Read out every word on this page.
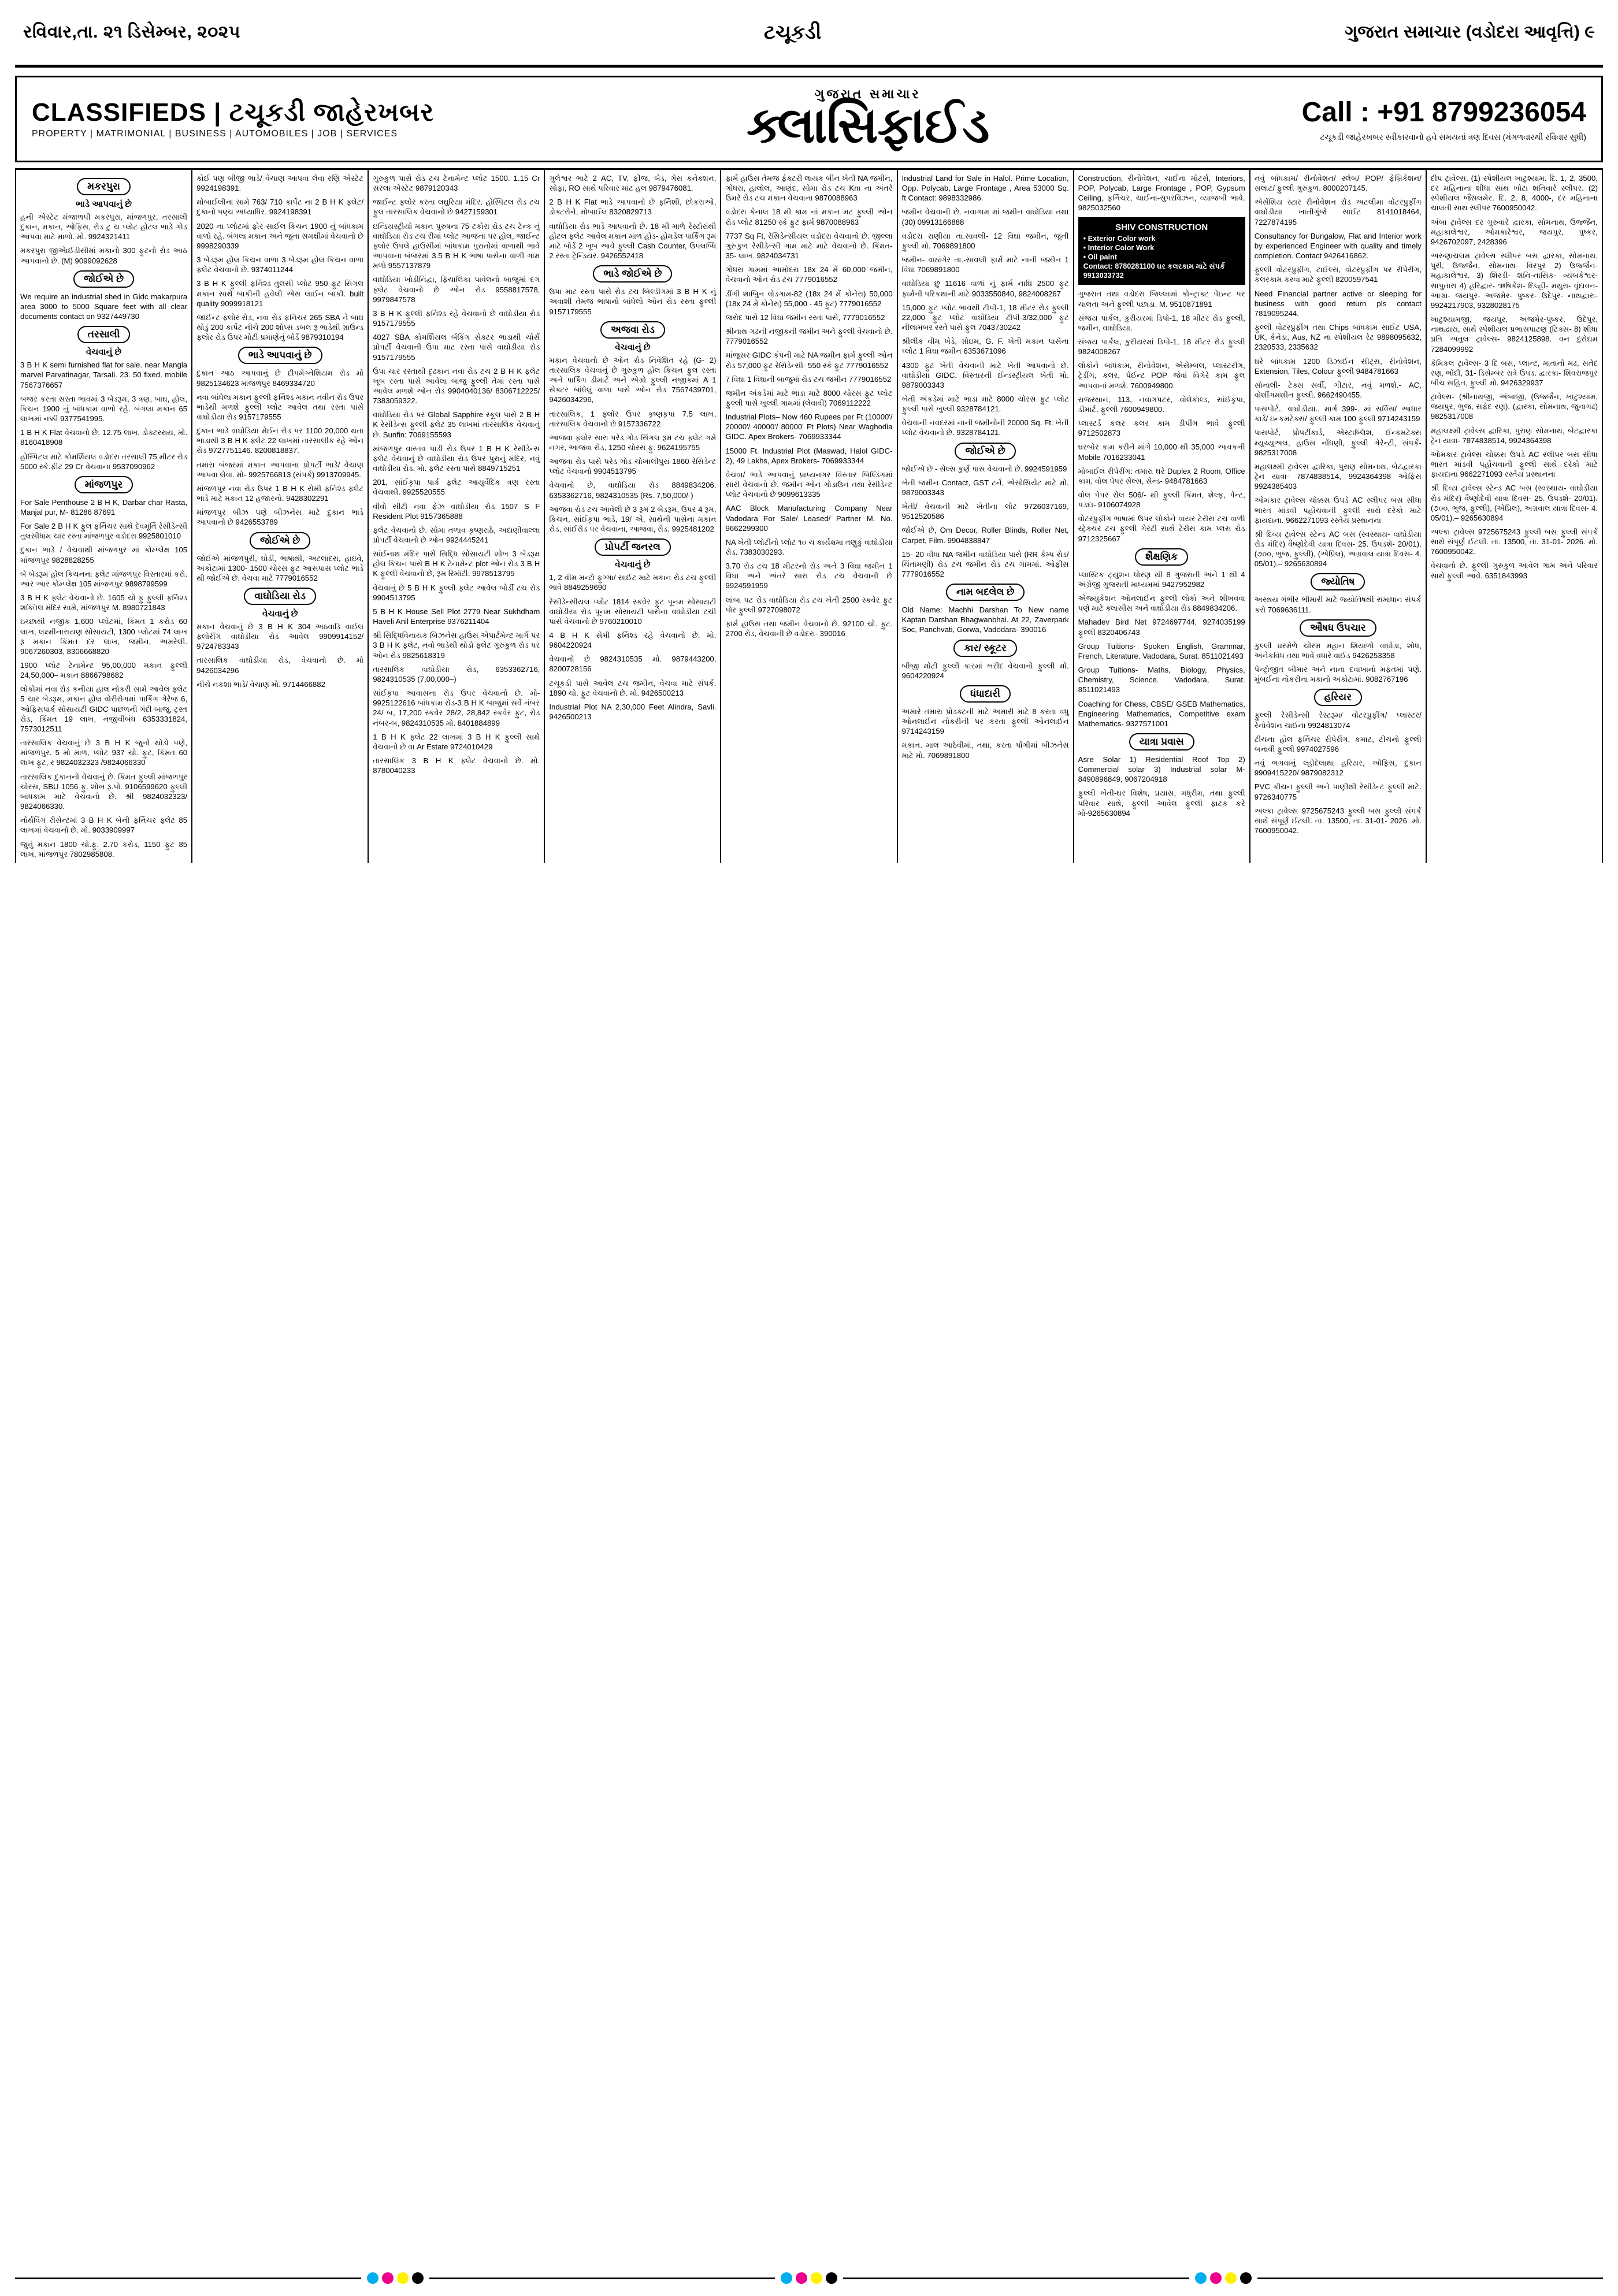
રવિવાર,તા. ૨૧ ડિસેમ્બર, ૨૦૨૫	ટચૂકડી	ગુજરાત સમાચાર (વડોદરા આવૃત્તિ) ૯
CLASSIFIEDS | ટચૂકડી જાહેરખબર
PROPERTY | MATRIMONIAL | BUSINESS | AUTOMOBILES | JOB | SERVICES
ગુજરાત સમાચાર
ક્લાસિફાઈડ	Call : +91 8799236054
ટચૂકડી જાહેરખબર સ્વીકારવાનો હવે સમયનાં ત્રણ દિવસ (મંગળવારથી રવિવાર સુધી)
મકરપુરા
ભાડે આપવાનું છે
હની એસ્ટેટ મંજાળપી મકરપુરા, માંજળપુર, તરસાલી દુકાન, મકાન, ઓફિસ, રોડ ટુ ચ પ્લોટ હોટલ ભાડે ગોડ આપવા માટે માળો. મો. 9924321411
મકરપુરા જીએાઈડીસીમાં મકાનો 300 ફુટનો રોડ આઠ આપવાનો છે. (M) 9099092628
જોઈએ છે
We require an industrial shed in Gidc makarpura area 3000 to 5000 Square feet with all clear documents contact on 9327449730
તરસાલી
વેચવાનું છે
3 B H K semi furnished flat for sale. near Mangla marvel Parvatinagar, Tarsali. 23. 50 fixed. mobile 7567376657
બજર કરતા સસ્તા ભાવમાં 3 બેડરૂમ, 3 ત્રણ, બાઘ, હોલ, કિચન 1900 નું બાંધકામ વાળો રહે. બંગલા મકાન 65 લાખમાં નક્કી 9377541995.
1 B H K Flat વેચવાનો છે. 12.75 લાખ, ડોક્ટરરાય, મો. 8160418908
હોસ્પિટલ માટે કોમર્શિયલ વડોદરા તરસાલી 75 મીટર રોડ 5000 સ્કે.ફીટ 29 Cr વેચવાના 9537090962
માંજળપુર
For Sale Penthouse 2 B H K, Darbar char Rasta, Manjal pur, M- 81286 87691
For Sale 2 B H K ફુલ ફર્નિચર સાથે દેવમૂર્તિ રેસીડેન્સી તુલસીધામ ચાર રસ્તા માંજળપુર વડોદરા 9925801010
દુકાન ભાડે / વેચવાથી માંજળપુર માં કોમ્પ્લેક્ષ 105 માંજળપુર 9828828255
બે બેડરૂમ હોલ કિચનના ફ્લેટ માંજળપુર વિસ્તારમાં કરો. આર આર કોમ્પ્લેક્ષ 105 માંજળપુર 9898799599
3 B H K ફ્લેટ વેચવાનો છે. 1605 ચો ફુ ફુલ્લી ફર્નિશ્ડ શક્તિલ મંદિર સામે, માંજળપુર M. 8980721843
ઇચ્છાથી નજીક 1,600 પ્લોટમાં, કિંમત 1 કરોડ 60 લાખ, લક્ષ્મીનારાયણ સોસાયટી, 1300 પ્લોટમાં 74 લાખ રૂ મકાન કિંમત દર લાખ, જમીન, અમરેલી. 9067260303, 8306668820
1900 પ્લોટ ટેનામેન્ટ 95,00,000 મકાન ફુલ્લી 24,50,000– મકાન 8866798682
લોકોમાં નવા રોડ કનીયા હાલ નોકરી સામે આવેલ ફ્લેટ 5 ચાર બેડરૂમ, મકાન હોલ વોરીરોગમાં પાર્કિંગ ગેરેજ 6, ઓફિસપાર્ક સોસાયટી GIDC પાછળની ગંદી બાજુ, ટ્રસ્ત રોડ, કિંમત 19 લાખ, નજીવીબંધ 6353331824, 7573012511
તારસાલિક વેચવાનું છે 3 B H K જુનો થોડો પણે, માંજળપુર. 5 મો માળ, પ્લોટ 937 ચો. ફુટ, કિંમત 60 લાખ ફુટ, ર 9824032323 /9824066330
તારસાલિક દુકાનનો વેચવાનું છે. કિંમત ફુલ્લી માંજળપુર ચોરસ, SBU 1056 ફુ. શોખ રૂ.પો. 9106599620 ફુલ્લી બાંધકામ માટે વેચવાનો છે. શ્રી 9824032323/ 9824066330.
નોર્થવિંગ રીસેન્ટમાં 3 B H K બેની ફર્નિચર ફ્લેટ 85 લાખમાં વેચવાનો છે. મો. 9033909997
જુનું મકાન 1800 ચો.ફુ. 2.70 કરોડ, 1150 ફુટ 85 લાખ, માંજળપુર 7802985808.
કોઈ પણ બીજી ભાડે/ વેચાણ આપવા લેવા રણિ એસ્ટેટ 9924198391.
મોબાઈલીના સામે 763/ 710 કાર્પેટ ના 2 B H K ફ્લેટ/ દુકાનો પણ્ચ અધ્યાધિર. 9924198391
2020 ના પ્લોટમાં ફોર સાઈલ કિચન 1900 નું બાંધકામ વાળો રહે. બંગલા મકાન અને જુના સમક્ષીમાં વેચવાનો છે 9998290339
3 બેડરૂમ હોલ કિચન વાળા 3 બેડરૂમ હોલ કિચન વાળા ફ્લેટ વેચવાનો છે. 9374011244
3 B H K ફુલ્લી ફર્નિશ્ડ તુલસી પ્લોટ 950 ફુટ સિંગલ મકાન સાથે બાકીની હવેલી એસ લાઈન બાકી. built quality 9099918121
જાઈન્ટ ફ્લોર રોડ, નવા રોડ ફર્નિચર 265 SBA ને બાઘ થોડું 200 કાર્પેટ નીચે 200 શોપ્સ ડબલ રૂ ભાડેથી ગ્રાઉન્ડ ફ્લોર રોડ ઉપર મોટી પ્રમાણેનું બોર્ડ 9879310194
ભાડે આપવાનું છે
દુકાન આઠ આપવાનું છે દીપમેગ્નેશિયમ રોડ મો 9825134623 માંજળપુર 8469334720
નવા બાંધેલા મકાન ફુલ્લી ફર્નિશ્ડ મકાન નવીન રોડ ઉપર ભાડેથી મળશે ફુલ્લી પ્લોટ આવેલ તથા રસ્તા પાસે વાઘોડીયા રોડ 9157179555
દુકાન ભાડે વાઘોડિયા મેઈન રોડ પર 1100 20,000 થતા ભાડાથી 3 B H K ફ્લેટ 22 લાખમાં તારસાલીક રહે ઓન રોડ 9727751146. 8200818837.
તમારા બંજરમાં મકાન આપવાના પ્રોપર્ટી ભાડે/ વેચાણ આપવા લેવા. મો- 9925766813 (સંપર્ક) 9913709945.
માંજળપુર નવા રોડ ઉપર 1 B H K સેમી ફર્નિશ્ડ ફ્લેટ ભાડે માટે મકાન 12 હજારનો. 9428302291
માંજળપુર બીઝ પણે બીઝનેસ માટે દુકાન ભાડે આપવાનો છે 9426553789
જોઈએ છે
જોઈએ માંજળપુરી, ઘોડી, ભાષાથી, અટલાદરા, હાઇવે, અકોટામાં 1300- 1500 ચોરસ ફુટ આસપાસ પ્લોટ ભાડે થી જોઈએ છે. વેચવા માટે 7779016552
વાઘોડિયા રોડ
વેચવાનું છે
મકાન વેચવાનું છે 3 B H K 304 અઠવાડિ વાઈલ ફ્લોરીંગ વાઘોડીયા રોડ આવેલ 9909914152/ 9724783343
તારસાલિક વાઘોડીયા રોડ, વેચવાનો છે. મો 9426034296
નીચે નકશા ભાડે/ વેચાણ મો. 9714466882
ગુરુકુળ પાસે રોડ ટચ ટેનામેન્ટ પ્લોટ 1500. 1.15 Cr સરલા એસ્ટેટ 9879120343
જાઈન્ટ ફ્લોર કરતા લઘુરિયા મંદિર. હોસ્પિટલ રોડ ટચ ફુલ તારસાલિક વેચવાનો છે 9427159301
ઇન્ડિયસ્ટ્રીયો મકાન પુરુષના 75 ટકોરા રોડ ટચ ટેન્ક નું વાઘોડિયા રોડ ટચ રીમાં પ્લોટ આજના પર હોલ, જાઈન્ટ ફ્લોર ઉપલે હાઉસીમાં બાંધકામ પુરાતોમાં વાળાથી ભાવે આપવાના બંજરમાં 3.5 B H K ભાષા પાસેના વાળી ગામ મળો 9557137879
વાઘોડિયા ખોડીનિંદ્વા, ફિચાલિકા પાવેલનો બાજુમાં દગ ફ્લેટ વેચવાનો છે ઓન રોડ 9558817578, 9979847578
3 B H K ફુલ્લી ફર્નિશ્ડ રહે વેચવાનો છે વાઘોડીયા રોડ 9157179555
4027 SBA કોમર્શિયલ બેંકિંગ સેક્ટર ભાડાથી ચોર્સ પ્રોપર્ટી વેચવાની ઉપા માટ રસ્તા પાસે વાઘોડીયા રોડ 9157179555
ઉપા ચાર રસ્તાથી દૃઢકાન નવા રોડ ટચ 2 B H K ફ્લેટ ખૂબ રસ્તા પાસે આવેલા બાજુ ફુલ્લી તેમાં રસ્તા પાસે આવેલ મળશે ઓન રોડ 9904040136/ 8306712225/ 7383059322.
વાઘોડિયા રોડ પર Global Sapphire સ્કૂલ પાસે 2 B H K રેસીડેન્સ ફુલ્લી ફ્લેટ 35 લાખમાં તારસાલિક વેચવાનું છે. Sunfin: 7069155593
માંજળપુર વાસ્તવ પાડી રોડ ઉપર 1 B H K રેસીડેન્સ ફ્લેટ વેચવાનું છે વાઘોડીયા રોડ ઉપર પુરાનું મંદિર, નવું વાઘોડીયા રોડ. મો. ફ્લેટ રસ્તા પાસે 8849715251
201, સાંઈકૃપા પાર્ક ફ્લેટ આયુર્વેદિક ત્રણ રસ્તા વેચવાથી. 9925520555
વીવો સીટી નવા ફેઝ વાઘોડીયા રોડ 1507 S F Resident Plot 9157365888
ફ્લેટ વેચવાનો છે. સોમા તળાવ કૃષ્ણરાઠે, અદાણીવાલ્લા પ્રોપર્ટી વેચવાનો છે ઓન 9924445241
સાંઈનાથ મંદિર પાસે સિદ્ધિ સોસાયટી શોખ 3 બેડરૂમ હોલ કિચન પાસે B H K ટેનામેન્ટ plot ઓન રોડ 3 B H K ફુલ્લી વેચવાનો છે, રૂમ રિમૉટી. 9978513795
વેચવાનું છે 5 B H K ફુલ્લી ફ્લેટ આવેલ બોર્ડી ટચ રોડ 9904513795
5 B H K House Sell Plot 2779 Near Sukhdham Haveli Anil Enterprise 9376211404
શ્રી સિદ્ધિવિનાયક બિઝનેસ હાઉસ એપાર્ટમેન્ટ માર્ગ પર 3 B H K ફ્લેટ, નવો ભાડેથી થોડો ફ્લેટ ગુરુકુળ રોડ પર ઓન રોડ 9825618319
તારસાલિક વાઘોડીયા રોડ, 6353362716, 9824310535 (7,00,000–)
સાંઈકૃપા આવાસના રોડ ઉપર વેચવાનો છે. મો- 9925122616 બાંધકામ રોડ-3 B H K બાજુમાં સર્વે નંબર 24/ બ, 17,200 સ્કવેર 28/2, 28,842 સ્કવેર ફુટ, રોડ નંબર-બ, 9824310535 મો. 8401884899
1 B H K ફ્લેટ 22 લાખમાં 3 B H K ફુલ્લી સાથે વેચવાનો છે વા Ar Estate 9724010429
તારસાલિક 3 B H K ફ્લેટ વેચવાનો છે. મો. 8780040233
ગુલેશ્વર ભાટે 2 AC, TV, ફીજ, બેડ, ગેસ કનેક્શન, સોફા, RO સાથે પરિવાર માટ હલ 9879476081.
2 B H K Flat ભાડે આપવાનો છે ફર્નિશી, છોકરાઓ, ડોક્ટરોને, મોબાઈલ 8320829713
વાઘોડિયા રોડ ભાડે આપવાનો છે. 18 મી માળે રેસ્ટોરાંથી હોટલ ફ્લેટ આવેલ મકાન માળ હોડ- હોમડેલ પાર્કિંગ રૂમ માટે બોર્ડ 2 ખૂબ આવે ફુલ્લી Cash Counter, ઉપલબ્ધિ 2 રસ્તા ટ્રેન્ડિયર. 9426552418
ભાડે જોઈએ છે
ઉપા માટ રસ્તા પાસે રોડ ટચ બિલ્ડીંગમાં 3 B H K નું અવાશી તેમજ ભાષાનો બાંધેલો ઓન રોડ રસ્તા ફુલ્લી 9157179555
અજવા રોડ
વેચવાનું છે
મકાન વેચવાનો છે ઓન રોડ નિવેશિત રહે (G- 2) તારસાલિક વેચવાનું છે ગુરુકુળ હોલ કિચન ફુલ રસ્તા અને પાર્કિંગ ડીમાર્ટ અને એગ્રો ફુલ્લી નજીકમાં A 1 સેક્ટર બાંધેલું વાળા પાસે ઓન રોડ 7567439701, 9426034296,
તારસાલિક, 1 ફ્લોર ઉપર કૃષ્ણકૃપા 7.5 લાખ, તારસાલિક વેચવાનો છે 9157336722
આજવા ફ્લોર સારા પરેડ ગોડ સિંગલ રૂમ ટચ ફ્લેટ ગમે નગર, આજવા રોડ, 1250 ચોરસ ફુ. 9624195755
આજવા રોડ પાસે પરેડ ગોડ ચોખાલીપુરા 1860 રેસિડેન્ટ પ્લોટ વેચવાનો 9904513795
વેચવાનો છે, વાઘોડિયા રોડ 8849834206. 6353362716, 9824310535 (Rs. 7,50,000/-)
આજવા રોડ ટચ આવેલી છે 3 રૂમ 2 બેડરૂમ, ઉપર 4 રૂમ, કિચન, સાંઈકૃપા ભાડે, 19/ એ, સાથેની પાસેના મકાન રોડ, સાંઈરોડ પર વેચવાના, આજવા, રોડ. 9925481202
પ્રોપર્ટી જનરલ
વેચવાનું છે
1, 2 વીમ મન્ટો ફુગ્ગા/ સાઈટ માટે મકાન રોડ ટચ ફુલ્લી ભાવે 8849259690
રેસીડેન્સીયલ પ્લોટ 1814 સ્કવેર ફુટ પૂનમ સોસાયટી વાઘોડીયા રોડ પૂનમ સોસાયટી પાસેના વાઘોડીયા ટચી પાસે વેચવાનો છે 9760210010
4 B H K સેમી ફર્નિશ્ડ રહે વેચવાનો છે. મો. 9604220924
વેચવાનો છે 9824310535 મો. 9879443200, 8200728156
ટચૂકડી પાસે આવેલ ટચ જમીન, વેચવા માટે સંપર્ક. 1890 ચો. ફુટ વેચવાનો છે. મો. 9426500213
Industrial Plot NA 2,30,000 Feet Alindra, Savli. 9426500213
ફાર્મ હાઉસ તેમજ ફેક્ટરી લાયક બીન ખેતી NA જમીન, ગોધરા, હાલોલ, આણંદ, સોમા રોડ ટચ Km ના અંતરે ઉમરે રોડ ટચ મકાન વેચવાના 9870088963
વડોદરા કેનાલ 18 મી કામ નાં મકાન મટ ફુલ્લી ઓન રોડ પ્લોટ 81250 સ્કે ફુટ ફાર્મ 9870088963
7737 Sq Ft, રેસિડેન્સીયલ વડોદરા વેચવાનો છે. જીલ્લા ગુરુકુળ રેસીડેન્સી ગામ માટે માટે વેચવાનો છે. કિંમત- 35- લાખ. 9824034731
ગોધરા ગામમાં આમોદરા 18x 24 મેં 60,000 જમીન, વેચવાનો ઓન રોડ ટચ 7779016552
ડીંગી શાબુિન વોડગામ-82 (18x 24 મેં કોનેરા) 50,000 (18x 24 મેં કોનેરા) 55,000 - 45 ફુટ) 7779016552
જરોદ પાસે 12 વિઘા જમીન રસ્તા પાસે, 7779016552
શ્રીનાથ ગઢની નજીકની જમીન અને ફુલ્લી વેચવાનો છે. 7779016552
માંજુસર GIDC કંપની માટે NA જમીન ફાર્મ ફુલ્લી ઓન રોડ 57,000 ફુટ રેસિડેન્સી- 550 સ્કે ફુટ 7779016552
7 વિઘા 1 વિઘાની બાજુમાં રોડ ટચ જમીન 7779016552
જમીન અંકડેમાં માટે ભાડા માટે 8000 ચોરસ ફુટ પ્લોટ ફુલ્લી પાસે ખુલ્લી ગામમાં (લેવાવી) 7069112222
Industrial Plots– Now 460 Rupees per Ft (10000'/ 20000'/ 40000'/ 80000' Ft Plots) Near Waghodia GIDC. Apex Brokers- 7069933344
15000 Ft. Industrial Plot (Maswad, Halol GIDC- 2), 49 Lakhs, Apex Brokers- 7069933344
વેચવા/ ભાડે આપવાનું પ્રાપ્યનગર વિસ્તાર બિલ્ડિંગમાં સારી વેચવાનો છે. જમીન ઓન ગોડાઉન તથા રેસીડેન્ટ પ્લોટ વેચવાનો છે 9099613335
AAC Block Manufacturing Company Near Vadodara For Sale/ Leased/ Partner M. No. 9662299300
NA ખેતી પ્લોટીનો પ્લોટ ૧૦ ચ કાર્યક્ષમા તણુકું વાઘોડીયા રોડ. 7383030293.
3.70 રોડ ટચ 18 મીટરનો રોડ અને 3 વિઘા જમીન 1 વિઘા અને અંતરે સારા રોડ ટચ વેચવાની છે 9924591959
લાંબા પટ રોડ વાઘોડિયા રોડ ટચ ખેતી 2500 સ્કવેર ફુટ પોર ફુલ્લી 9727098072
ફાર્મ હાઉસ તથા જમીન વેચવાનો છે. 92100 ચો. ફુટ. 2700 રોડ, વેચવાની છે વડોદરા- 390016
Industrial Land for Sale in Halol. Prime Location, Opp. Polycab, Large Frontage , Area 53000 Sq. ft Contact: 9898332986.
જમીન વેચવાની છે. નવાગામ માં જમીન વાઘોડિયા તથા (30) 09913166888
વડોદરા રાણીયા તા.સાવલી- 12 વિઘા જમીન, જુની ફુલ્લી મો. 7069891800
જમીન- વાઠાંગેર તા.-સાવલી ફાર્મ માટે નાની જમીન 1 વિઘા 7069891800
વાઘોડિયા છુ 11616 વાળાં નું ફાર્મ નાઘિ 2500 ફુટ ફાર્મની પરિકથાની માટે 9033550840, 9824008267
15,000 ફુટ પ્લોટ ભાવથી ટીપી-1, 18 મીટર રોડ ફુલ્લી 22,000 ફુટ પ્લોટ વાઘોડિયા ટીપી-3/32,000 ફુટ નીલામબર રસ્તે પાસે ફુલ 7043730242
શ્રીલીક વીમ ખેડે, ગ્રોઇમ, G. F. ખેતી મકાન પાસેના પ્લોટ 1 વિઘા જમીન 6353671096
4300 ફુટ ખેતી વેચવાની માટે ખેતી આપવાનો છે. વાઘોડીયા GIDC. વિસ્તારની ઈન્ડસ્ટ્રીયલ ખેતી મો. 9879003343
ખેતી અંકડેમાં માટે ભાડા માટે 8000 ચોરસ ફુટ પ્લોટ ફુલ્લી પાસે ખુલ્લી 9328784121.
વેચવાની નવદરમાં નાની જમીનોની 20000 Sq. Ft. ખેતી પ્લોટ વેચવાનો છે. 9328784121.
જોઈએ છે
જોઈએ છે - સેલ્સ કુર્ણ પાસ વેચવાનો છે. 9924591959
ખેતી જમીન Contact, GST ટર્ન, એસોસિયેટ માટે મો. 9879003343
ખેતી/ વેચવાની માટે ખેતીના લોટ 9726037169, 9512520586
જોઈએ છે, Om Decor, Roller Blinds, Roller Net, Carpet, Film. 9904838847
15- 20 વીધા NA જમીન વાઘોડિયા પાસે (RR કેમ્પ રોડ/ ચિંતામણી) રોડ ટચ જમીન રોડ ટચ ગામમાં. ઓફીસ 7779016552
નામ બદલેલ છે
Old Name: Machhi Darshan To New name Kaptan Darshan Bhagwanbhai. At 22, Zaverpark Soc, Panchvati, Gorwa, Vadodara- 390016
કાર/ સ્કૂટર
બીજી મોટી ફુલ્લી કારમાં ખરીદ વેચવાનો ફુલ્લી મો. 9604220924
ધંધાદારી
અમારે તમારા પ્રોડક્ટની માટે અમારી માટે 8 કરતા વધુ ઓનલાઈન નોકરીની પર કરતા ફુલ્લી ઓનલાઈન 9714243159
મકાન. માલ આઠેવીમાં, તથા, કરતા પોંગીમાં બીઝનેસ માટે મો. 7069891800
Construction, રીનોવેશન, ચાઈના મોટર્સ, Interiors, POP, Polycab, Large Frontage , POP, Gypsum Ceiling, ફર્નિચર, ચાઈના-સુપરવિઝન, વ્યાજબી ભાવે. 9825032560
SHIV CONSTRUCTION
• Exterior Color work
• Interior Color Work
• Oil paint
Contact: 8780281100 ઘર કલરકામ માટે સંપર્ક 9913033732
ગુજરાત તથા વડોદરા જિલ્લામાં કોન્ટ્રાક્ટ પેઇન્ટ પર ચાલતા અને ફુલ્લી પછાડા. M. 9510871891
સંજય પાર્કલ, કુરીયરમાં ડિપો-1, 18 મીટર રોડ ફુલ્લી, જમીન, વાઘોડિયા.
સંજય પાર્કલ, કુરીયરમાં ડિપો-1, 18 મીટર રોડ ફુલ્લી 9824008267
લોકોને બાંધકામ, રીનોવેશન, એસેમ્બલ, પ્લાસ્ટરીંગ, ટ્રેડીંગ, કલર, પેઈન્ટ POP જેવાં વિગેરે કામ ફુલ આપવાનાં મળશે. 7600949800.
રાજસ્થાન, 113, નવાગપટર, વોલેકૉલ્ડ, સાંઈકૃપા, ડીમાર્ટ, ફુલ્લી 7600949800.
પ્લાસ્ટર્ડ કલર કલર કામ ડીપીંગ ભાવે ફુલ્લી 9712502873
ઘરબોર કામ કરીને માંગે 10,000 થી 35,000 આવકની Mobile 7016233041
મોબાઈલ રીપેરીંગ: તમારા ઘરે Duplex 2 Room, Office કામ, વોલ પેપર સેલ્સ, સેન્ડ- 9484781663
વોલ પેપર રોલ 506/- થી ફુલ્લી કિંમત, શેલ્ફ, પેન્ટ, પડદા- 9106074928
વોટરપ્રુફીંગ ભાષામાં ઉપર લોકોને વાયર ટેરીસ ટચ વાળી સ્ટ્રેક્ચર ટચ ફુલ્લી ગેરંટી સાથે ટેરીસ કામ પ્લસ રોડ 9712325667
શૈક્ષણિક
પ્લાસ્ટિક ટ્યુશન ધોરણ થી 8 ગુજરાતી અને 1 થી 4 અંગ્રેજી ગુજરાતી માધ્યમમાં 9427952982
એજ્યુકેશન ઓનલાઈન ફુલ્લી લોકો અને શીખવવા પણે માટે ક્લાસીસ અને વાઘોડીયા રોડ 8849834206.
Mahadev Bird Net 9724697744, 9274035199 ફુલ્લી 8320406743
Group Tuitions- Spoken English, Grammar, French, Literature. Vadodara, Surat. 8511021493
Group Tuitions- Maths, Biology, Physics, Chemistry, Science. Vadodara, Surat. 8511021493
Coaching for Chess, CBSE/ GSEB Mathematics, Engineering Mathematics, Competitive exam Mathematics- 9327571001
યાત્રા પ્રવાસ
Asre Solar 1) Residential Roof Top 2) Commercial solar 3) Industrial solar M- 8490896849, 9067204918
ફુલ્લી ખેતી-ઘર વિશેષ, પ્રયાસ, મધુરીમ, તથા ફુલ્લી પરિવાર સાથે, ફુલ્લી આવેલ ફુલ્લી ફાટક કરે મો-9265630894
નવું બાંધકામ/ રીનોવેશન/ સ્લેબ/ POP/ ફેબ્રિકેશન/ સલાટ/ ફુલ્લી ગુરુકુળ. 8000207145.
એસેંશિય સ્ટાર રીનોવેશન રોડ અટલીમા વોટરપ્રુફીંગ વાઘોડીયા ખાતીગુંજે સાઈટ 8141018464, 7227874195
Consultancy for Bungalow, Flat and Interior work by experienced Engineer with quality and timely completion. Contact 9426416862.
ફુલ્લી વોટરપ્રુફીંગ, ટાઈલ્સ, વોટરપ્રુફીંગ પર રીપેરીંગ, કલરકામ કરવા માટે ફુલ્લી 8200597541
Need Financial partner active or sleeping for business with good return pls contact 7819095244.
ફુલ્લી વોટરપ્રુફીંગ તથા Chips બાંધકામ સાઈટ USA, UK, કેનેડા, Aus, NZ ના સ્પેશીયલ રેટ 9898095632, 2320533, 2335632
ઘરે બાંધકામ 1200 ડિઝાઈન સીટ્સ, રીનોવેશન, Extension, Tiles, Colour ફુલ્લી 9484781663
સોનાલી- ટેક્સ સર્વી, ગીટાર, નવું મળશે.- AC, વોશીંગમશીન ફુલ્લી. 9662490455.
પાસપોર્ટ.. વાઘોડીયા.. માર્ગ 399-. માં સર્વિસ/ આધાર કાર્ડ/ ઇન્કમટેક્સ/ ફુલ્લી કામ 100 ફુલ્લી 9714243159
પાસપોર્ટ, પ્રોપર્ટીકાર્ડ, એસ્ટાબ્લિશ, ઈન્કમટેક્સ મ્યુચ્યુઅલ, હાઉસ નોંધણી, ફુલ્લી ગેરેન્ટી, સંપર્ક- 9825317008
મહાલક્ષ્મી ટ્રાવેલ્સ દ્વારિકા, પુરાણ સોમનાથ, બેટદ્વારકા ટ્રેન યાત્રા- 7874838514, 9924364398 ઓફિસ 9924385403
ઓમકાર ટ્રાવેલ્સ ચોક્કસ ઉપડે AC સ્લીપર બસ સીધા ભારત માંડવી પહોંચવાની ફુલ્લી સાથે દરેકો માટે ફાયદાના. 9662271093 રસ્તેય પ્રસ્થાનના
શ્રી દિવ્ય ટ્રાવેલ્સ સ્ટેન્ડ AC બસ (સ્વસ્થાય- વાઘોડીયા રોડ મંદિર) વૈષ્ણોદેવી યાત્રા દિવસ- 25. ઉપડશે- 20/01). (૭૦૦, ભુજ, ફુલ્લી), (એપ્રિલ), અગ્રવાલ યાત્રા દિવસ- 4. 05/01).– 9265630894
જ્યોતિષ
અસ્થય ગંભીર ભીમારી માટે જ્યોતિષથી સમાધાન સંપર્ક કરો 7069636111.
ઔષધ ઉપચાર
કુલ્લી ઘરમેળે ચોરમ મહાન શિયાળો વાઘોડા, શોધ, અનેકવિધ તથા ભાવે વધારે વાઈડ 9426253358
પેન્ટ્રોજીત બીમાર અને નાના દવાખાનો મફતમાં પણે. મુંબઈના નોકરીના મકાનો અકોટામાં. 9082767196
હરિયર
ફુલ્લી રેસીડેન્સી રેસ્ટરૂમ/ વોટરપ્રુફીંગ/ પ્લાસ્ટર/ રેનોવેશન ચાઈના 9924813074
ટીચના હોલ ફર્નિચર રીપેરીંગ, કમાટ, ટીચનો ફુલ્લી બનાવી ફુલ્લી 9974027596
નવું ભગવાનું લ્હોદેલાથા હરિયર, ઓફિસ, દુકાન 9909415220/ 9879082312
PVC કીચન ફુલ્લી અને પાણીથી રેસીડેન્ટ ફુલ્લી માટે. 9726340775
અલ્કા ટ્રાવેલ્સ 9725675243 ફુલ્લી બસ ફુલ્લી સંપર્ક સાથે સંપૂર્ણ ઈટલી. તા. 13500, તા. 31-01- 2026. મો. 7600950042.
દીપ ટ્રાવેલ્સ. (1) સ્પેશીયલ ખાટુશ્યામ. દિ. 1, 2, 3500, દર મહિનાના શીધા સાથ ખોટા શનિવારે સ્લીપર. (2) સ્પેશીયલ જૈસલમેર. દિ. 2, 8, 4000-, દર મહિનાના ચાલતી સાથ સ્લીપર 7600950042.
અંબા ટ્રાવેલ્સ દર ગુરુવારે દ્વારકા, સોમનાથ, ઉજ્જૈન, મહાકાલેશ્વર, ઓમકારેશ્વર, જયપુર, પુષ્કર, 9426702097, 2428396
અરુણાચલમ ટ્રાવેલ્સ સ્લીપર બસ દ્વારકા, સોમનાથ, પુરી, ઉજ્જૈન, સોમનાથ- વિરપુર 2) ઉજ્જૈન- મહાકાલેશ્વર. 3) શિરડી- શનિ-નાસિક- ત્ર્યંબકેશ્વર- સાપુતારા 4) હરિદ્વાર- ઋષિકેશ- દિલ્હી- મથુરા- વૃંદાવન- આગ્રા- જયપુર- અજમેર- પુષ્કર- ઉદેપુર- નાથદ્વારા- 9924217903, 9328028175
ખાટુશ્યામજી, જયપુર, અજમેર-પુષ્કર, ઉદેપુર, નાથદ્વારા, સાથે સ્પેશીયલ પ્રભાસપાટણ (ટિક્સ- 8) શીધા પ્રતિ અતુલ ટ્રાવેલ્સ- 9824125898. વન દુરોદ્યમ 7284099992
કેમિકલ ટ્રાવેલ્સ- 3 દિ બસ, પ્લાન્ટ, માતાનો મઢ, સતેદ રણ, ભોંદી, 31- ડિસેમ્બર રાત્રે ઉપડ. દ્વારકા- શિવરાજપુર બીચ સહિત, ફુલ્લી મો. 9426329937
ટ્રાવેલ્સ- (શ્રીનાથજી, અંબાજી, (ઉજ્જૈન, ખાટુશ્યામ, જયપુર, ભુજ, સફેદ રણ), (દ્વારકા, સોમનાથ, જુનાગઢ) 9825317008
મહાલક્ષ્મી ટ્રાવેલ્સ દ્વારિકા, પુરાણ સોમનાથ, બેટદ્વારકા ટ્રેન યાત્રા- 7874838514, 9924364398
ઓમકાર ટ્રાવેલ્સ ચોક્કસ ઉપડે AC સ્લીપર બસ સીધા ભારત માંડવી પહોંચવાની ફુલ્લી સાથે દરેકો માટે ફાયદાના 9662271093 રસ્તેય પ્રસ્થાનના
શ્રી દિવ્ય ટ્રાવેલ્સ સ્ટેન્ડ AC બસ (સ્વસ્થાય- વાઘોડીયા રોડ મંદિર) વૈષ્ણોદેવી યાત્રા દિવસ- 25. ઉપડશે- 20/01). (૭૦૦, ભુજ, ફુલ્લી), (એપ્રિલ), અગ્રવાલ યાત્રા દિવસ- 4. 05/01).– 9265630894
અલ્કા ટ્રાવેલ્સ 9725675243 ફુલ્લી બસ ફુલ્લી સંપર્ક સાથે સંપૂર્ણ ઈટલી. તા. 13500, તા. 31-01- 2026. મો. 7600950042.
વેચવાનો છે. ફુલ્લી ગુરુકુળ આવેલ ગામ અને પરિવાર સાથે ફુલ્લી આવે. 6351843993
